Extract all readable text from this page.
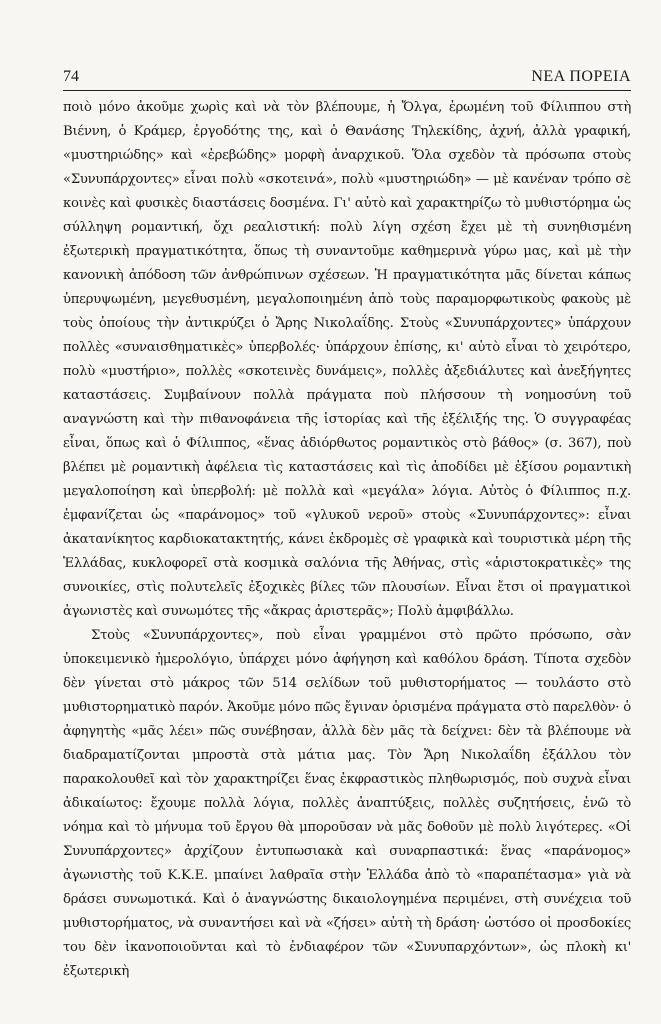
74	ΝΕΑ ΠΟΡΕΙΑ

ποιὸ μόνο ἀκοῦμε χωρὶς καὶ νὰ τὸν βλέπουμε, ἡ Ὄλγα, ἐρωμένη τοῦ Φίλιππου στὴ Βιέννη, ὁ Κράμερ, ἐργοδότης της, καὶ ὁ Θανάσης Τηλεκίδης, ἀχνή, ἀλλὰ γραφική, «μυστηριώδης» καὶ «ἐρεβώδης» μορφὴ ἀναρχικοῦ. Ὅλα σχεδὸν τὰ πρόσωπα στοὺς «Συνυπάρχοντες» εἶναι πολὺ «σκοτεινά», πολὺ «μυστηριώδη» — μὲ κανέναν τρόπο σὲ κοινὲς καὶ φυσικὲς διαστάσεις δοσμένα. Γι' αὐτὸ καὶ χαρακτηρίζω τὸ μυθιστόρημα ὡς σύλληψη ρομαντική, ὄχι ρεαλιστική: πολὺ λίγη σχέση ἔχει μὲ τὴ συνηθισμένη ἐξωτερικὴ πραγματικότητα, ὅπως τὴ συναντοῦμε καθημερινὰ γύρω μας, καὶ μὲ τὴν κανονικὴ ἀπόδοση τῶν ἀνθρώπινων σχέσεων. Ἡ πραγματικότητα μᾶς δίνεται κάπως ὑπερυψωμένη, μεγεθυσμένη, μεγαλοποιημένη ἀπὸ τοὺς παραμορφωτικοὺς φακοὺς μὲ τοὺς ὁποίους τὴν ἀντικρύζει ὁ Ἄρης Νικολαΐδης. Στοὺς «Συνυπάρχοντες» ὑπάρχουν πολλὲς «συναισθηματικὲς» ὑπερβολές· ὑπάρχουν ἐπίσης, κι' αὐτὸ εἶναι τὸ χειρότερο, πολὺ «μυστήριο», πολλὲς «σκοτεινὲς δυνάμεις», πολλὲς ἀξεδιάλυτες καὶ ἀνεξήγητες καταστάσεις. Συμβαίνουν πολλὰ πράγματα ποὺ πλήσσουν τὴ νοημοσύνη τοῦ αναγνώστη καὶ τὴν πιθανοφάνεια τῆς ἱστορίας καὶ τῆς ἐξέλιξής της. Ὁ συγγραφέας εἶναι, ὅπως καὶ ὁ Φίλιππος, «ἕνας ἀδιόρθωτος ρομαντικὸς στὸ βάθος» (σ. 367), ποὺ βλέπει μὲ ρομαντικὴ ἀφέλεια τὶς καταστάσεις καὶ τὶς ἀποδίδει μὲ ἐξίσου ρομαντικὴ μεγαλοποίηση καὶ ὑπερβολή: μὲ πολλὰ καὶ «μεγάλα» λόγια. Αὐτὸς ὁ Φίλιππος π.χ. ἐμφανίζεται ὡς «παράνομος» τοῦ «γλυκοῦ νεροῦ» στοὺς «Συνυπάρχοντες»: εἶναι ἀκατανίκητος καρδιοκατακτητής, κάνει ἐκδρομὲς σὲ γραφικὰ καὶ τουριστικὰ μέρη τῆς Ἑλλάδας, κυκλοφορεῖ στὰ κοσμικὰ σαλόνια τῆς Ἀθήνας, στὶς «ἀριστοκρατικὲς» της συνοικίες, στὶς πολυτελεῖς ἐξοχικὲς βίλες τῶν πλουσίων. Εἶναι ἔτσι οἱ πραγματικοὶ ἀγωνιστὲς καὶ συνωμότες τῆς «ἄκρας ἀριστερᾶς»; Πολὺ ἀμφιβάλλω.

Στοὺς «Συνυπάρχοντες», ποὺ εἶναι γραμμένοι στὸ πρῶτο πρόσωπο, σὰν ὑποκειμενικὸ ἡμερολόγιο, ὑπάρχει μόνο ἀφήγηση καὶ καθόλου δράση. Τίποτα σχεδὸν δὲν γίνεται στὸ μάκρος τῶν 514 σελίδων τοῦ μυθιστορήματος — τουλάστο στὸ μυθιστορηματικὸ παρόν. Ἀκοῦμε μόνο πῶς ἔγιναν ὁρισμένα πράγματα στὸ παρελθὸν· ὁ ἀφηγητὴς «μᾶς λέει» πῶς συνέβησαν, ἀλλὰ δὲν μᾶς τὰ δείχνει: δὲν τὰ βλέπουμε νὰ διαδραματίζονται μπροστὰ στὰ μάτια μας. Τὸν Ἄρη Νικολαΐδη ἐξάλλου τὸν παρακολουθεῖ καὶ τὸν χαρακτηρίζει ἕνας ἐκφραστικὸς πληθωρισμός, ποὺ συχνὰ εἶναι ἀδικαίωτος: ἔχουμε πολλὰ λόγια, πολλὲς ἀναπτύξεις, πολλὲς συζητήσεις, ἐνῶ τὸ νόημα καὶ τὸ μήνυμα τοῦ ἔργου θὰ μποροῦσαν νὰ μᾶς δοθοῦν μὲ πολὺ λιγότερες. «Οἱ Συνυπάρχοντες» ἀρχίζουν ἐντυπωσιακὰ καὶ συναρπαστικά: ἕνας «παράνομος» ἀγωνιστὴς τοῦ Κ.Κ.Ε. μπαίνει λαθραῖα στὴν Ἑλλάδα ἀπὸ τὸ «παραπέτασμα» γιὰ νὰ δράσει συνωμοτικά. Καὶ ὁ ἀναγνώστης δικαιολογημένα περιμένει, στὴ συνέχεια τοῦ μυθιστορήματος, νὰ συναντήσει καὶ νὰ «ζήσει» αὐτὴ τὴ δράση· ὡστόσο οἱ προσδοκίες του δὲν ἱκανοποιοῦνται καὶ τὸ ἐνδιαφέρον τῶν «Συνυπαρχόντων», ὡς πλοκὴ κι' ἐξωτερικὴ
